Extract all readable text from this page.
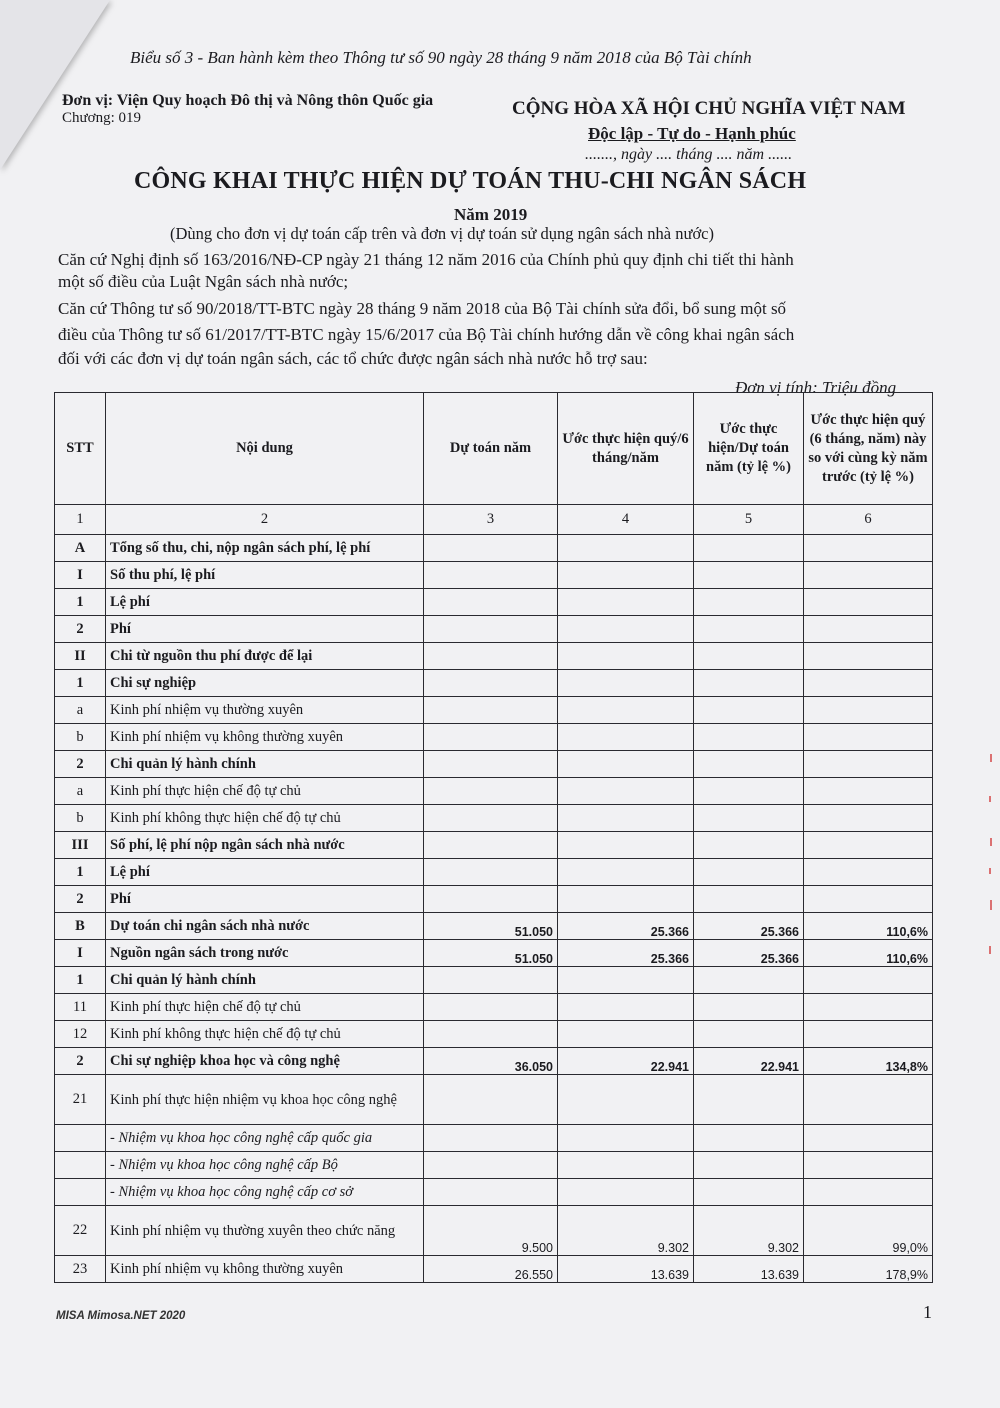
Biểu số 3 - Ban hành kèm theo Thông tư số 90 ngày 28 tháng 9 năm 2018 của Bộ Tài chính
Đơn vị: Viện Quy hoạch Đô thị và Nông thôn Quốc gia
Chương: 019	CỘNG HÒA XÃ HỘI CHỦ NGHĨA VIỆT NAM
Độc lập - Tự do - Hạnh phúc
......., ngày .... tháng .... năm ......
CÔNG KHAI THỰC HIỆN DỰ TOÁN THU-CHI NGÂN SÁCH
Năm 2019
(Dùng cho đơn vị dự toán cấp trên và đơn vị dự toán sử dụng ngân sách nhà nước)
Căn cứ Nghị định số 163/2016/NĐ-CP ngày 21 tháng 12 năm 2016 của Chính phủ quy định chi tiết thi hành
một số điều của Luật Ngân sách nhà nước;
Căn cứ Thông tư số 90/2018/TT-BTC ngày 28 tháng 9 năm 2018 của Bộ Tài chính sửa đổi, bổ sung một số
điều của Thông tư số 61/2017/TT-BTC ngày 15/6/2017 của Bộ Tài chính hướng dẫn về công khai ngân sách
đối với các đơn vị dự toán ngân sách, các tổ chức được ngân sách nhà nước hỗ trợ sau:
Đơn vị tính: Triệu đồng
STT	Nội dung	Dự toán năm	Ước thực hiện quý/6 tháng/năm	Ước thực hiện/Dự toán năm (tỷ lệ %)	Ước thực hiện quý (6 tháng, năm) này so với cùng kỳ năm trước (tỷ lệ %)
1	2	3	4	5	6
A	Tổng số thu, chi, nộp ngân sách phí, lệ phí				
I	Số thu phí, lệ phí				
1	Lệ phí				
2	Phí				
II	Chi từ nguồn thu phí được để lại				
1	Chi sự nghiệp				
a	Kinh phí nhiệm vụ thường xuyên				
b	Kinh phí nhiệm vụ không thường xuyên				
2	Chi quản lý hành chính				
a	Kinh phí thực hiện chế độ tự chủ				
b	Kinh phí không thực hiện chế độ tự chủ				
III	Số phí, lệ phí nộp ngân sách nhà nước				
1	Lệ phí				
2	Phí				
B	Dự toán chi ngân sách nhà nước	51.050	25.366	25.366	110,6%
I	Nguồn ngân sách trong nước	51.050	25.366	25.366	110,6%
1	Chi quản lý hành chính				
11	Kinh phí thực hiện chế độ tự chủ				
12	Kinh phí không thực hiện chế độ tự chủ				
2	Chi sự nghiệp khoa học và công nghệ	36.050	22.941	22.941	134,8%
21	Kinh phí thực hiện nhiệm vụ khoa học công nghệ				
	- Nhiệm vụ khoa học công nghệ cấp quốc gia				
	- Nhiệm vụ khoa học công nghệ cấp Bộ				
	- Nhiệm vụ khoa học công nghệ cấp cơ sở				
22	Kinh phí nhiệm vụ thường xuyên theo chức năng	9.500	9.302	9.302	99,0%
23	Kinh phí nhiệm vụ không thường xuyên	26.550	13.639	13.639	178,9%
MISA Mimosa.NET 2020	1
